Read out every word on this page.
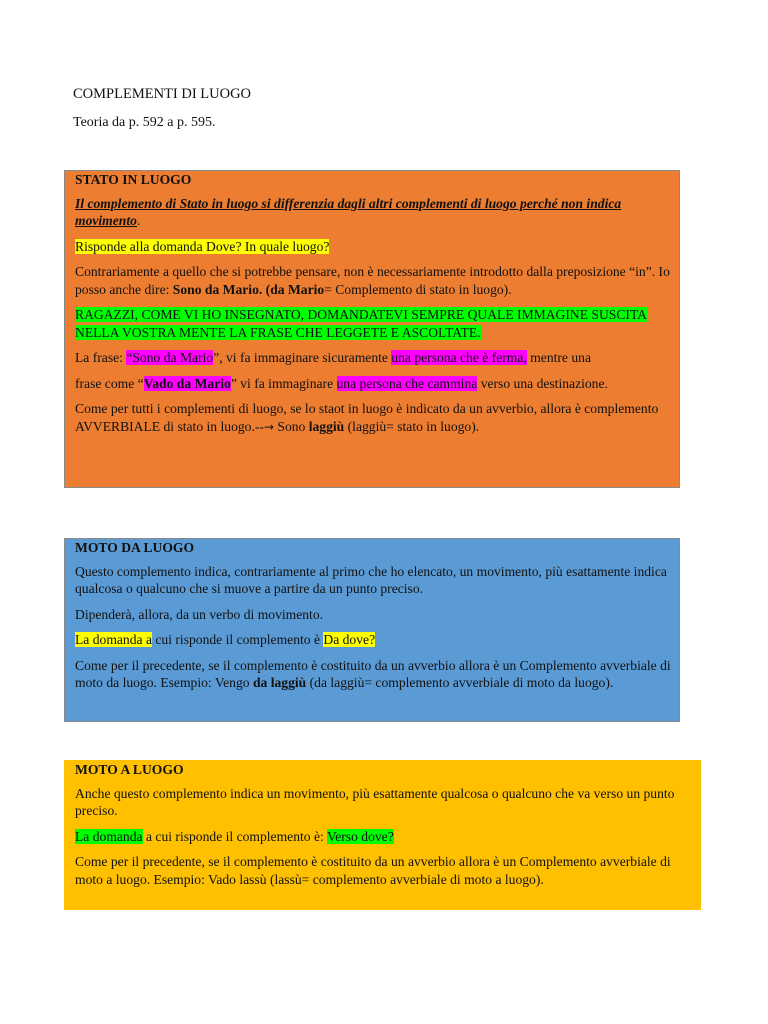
COMPLEMENTI DI LUOGO
Teoria da p. 592 a p. 595.

STATO IN LUOGO

Il complemento di Stato in luogo si differenzia dagli altri complementi di luogo perché non indica movimento.

Risponde alla domanda Dove? In quale luogo?

Contrariamente a quello che si potrebbe pensare, non è necessariamente introdotto dalla preposizione “in”. Io posso anche dire: Sono da Mario. (da Mario= Complemento di stato in luogo).

RAGAZZI, COME VI HO INSEGNATO, DOMANDATEVI SEMPRE QUALE IMMAGINE SUSCITA NELLA VOSTRA MENTE LA FRASE CHE LEGGETE E ASCOLTATE.

La frase: “Sono da Mario”, vi fa immaginare sicuramente una persona che è ferma, mentre una

frase come “Vado da Mario” vi fa immaginare una persona che cammina verso una destinazione.

Come per tutti i complementi di luogo, se lo staot in luogo è indicato da un avverbio, allora è complemento AVVERBIALE di stato in luogo.--→ Sono laggiù (laggiù= stato in luogo).

MOTO DA LUOGO

Questo complemento indica, contrariamente al primo che ho elencato, un movimento, più esattamente indica qualcosa o qualcuno che si muove a partire da un punto preciso.

Dipenderà, allora, da un verbo di movimento.

La domanda a cui risponde il complemento è Da dove?

Come per il precedente, se il complemento è costituito da un avverbio allora è un Complemento avverbiale di moto da luogo. Esempio: Vengo da laggiù (da laggiù= complemento avverbiale di moto da luogo).

MOTO A LUOGO

Anche questo complemento indica un movimento, più esattamente qualcosa o qualcuno che va verso un punto preciso.

La domanda a cui risponde il complemento è: Verso dove?

Come per il precedente, se il complemento è costituito da un avverbio allora è un Complemento avverbiale di moto a luogo. Esempio: Vado lassù (lassù= complemento avverbiale di moto a luogo).
